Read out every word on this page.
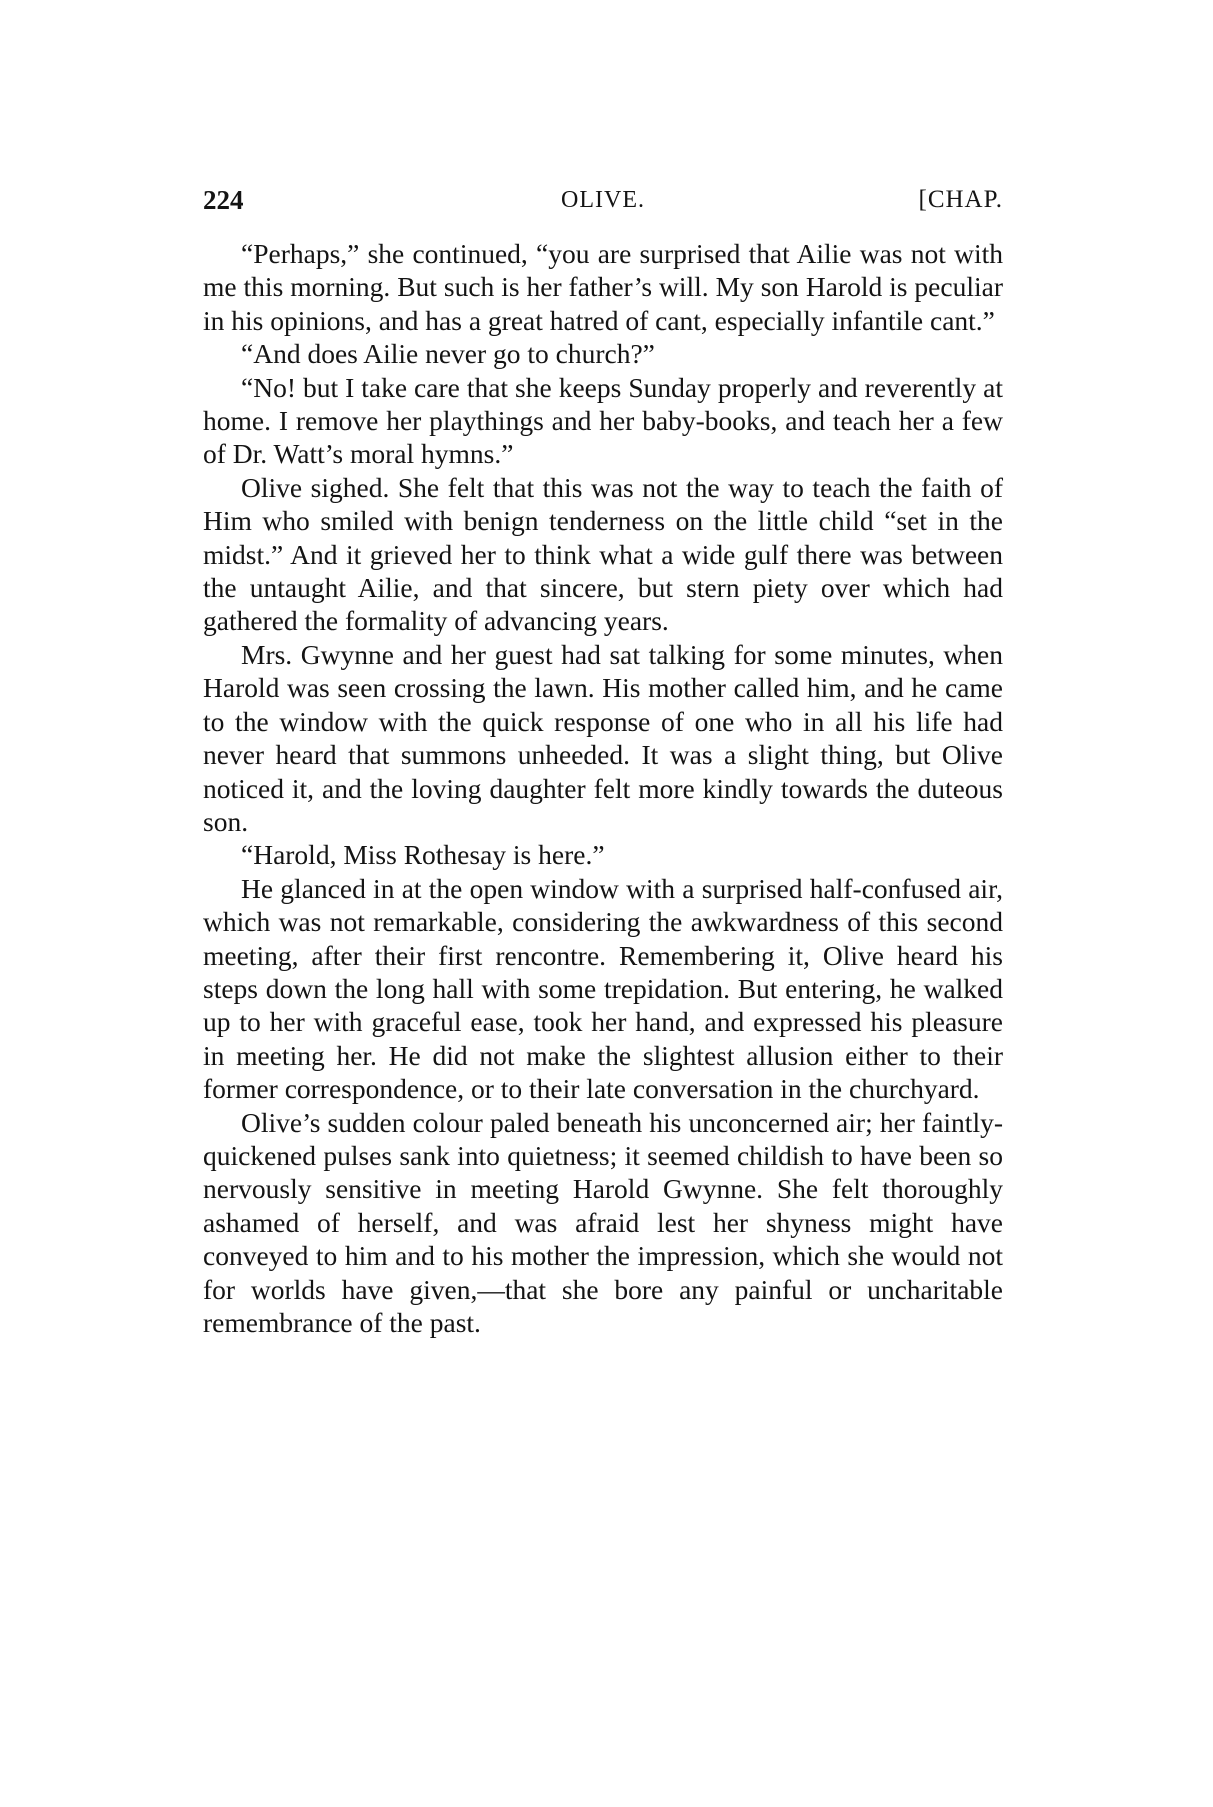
224	OLIVE.	[CHAP.

“Perhaps,” she continued, “you are surprised that Ailie was not with me this morning. But such is her father’s will. My son Harold is peculiar in his opinions, and has a great hatred of cant, especially infantile cant.”

“And does Ailie never go to church?”

“No! but I take care that she keeps Sunday properly and reverently at home. I remove her playthings and her baby-books, and teach her a few of Dr. Watt’s moral hymns.”

Olive sighed. She felt that this was not the way to teach the faith of Him who smiled with benign tenderness on the little child “set in the midst.” And it grieved her to think what a wide gulf there was between the untaught Ailie, and that sincere, but stern piety over which had gathered the formality of advancing years.

Mrs. Gwynne and her guest had sat talking for some minutes, when Harold was seen crossing the lawn. His mother called him, and he came to the window with the quick response of one who in all his life had never heard that summons unheeded. It was a slight thing, but Olive noticed it, and the loving daughter felt more kindly towards the duteous son.

“Harold, Miss Rothesay is here.”

He glanced in at the open window with a surprised half-confused air, which was not remarkable, considering the awkwardness of this second meeting, after their first rencontre. Remembering it, Olive heard his steps down the long hall with some trepidation. But entering, he walked up to her with graceful ease, took her hand, and expressed his pleasure in meeting her. He did not make the slightest allusion either to their former correspondence, or to their late conversation in the churchyard.

Olive’s sudden colour paled beneath his unconcerned air; her faintly-quickened pulses sank into quietness; it seemed childish to have been so nervously sensitive in meeting Harold Gwynne. She felt thoroughly ashamed of herself, and was afraid lest her shyness might have conveyed to him and to his mother the impression, which she would not for worlds have given,—that she bore any painful or uncharitable remembrance of the past.
